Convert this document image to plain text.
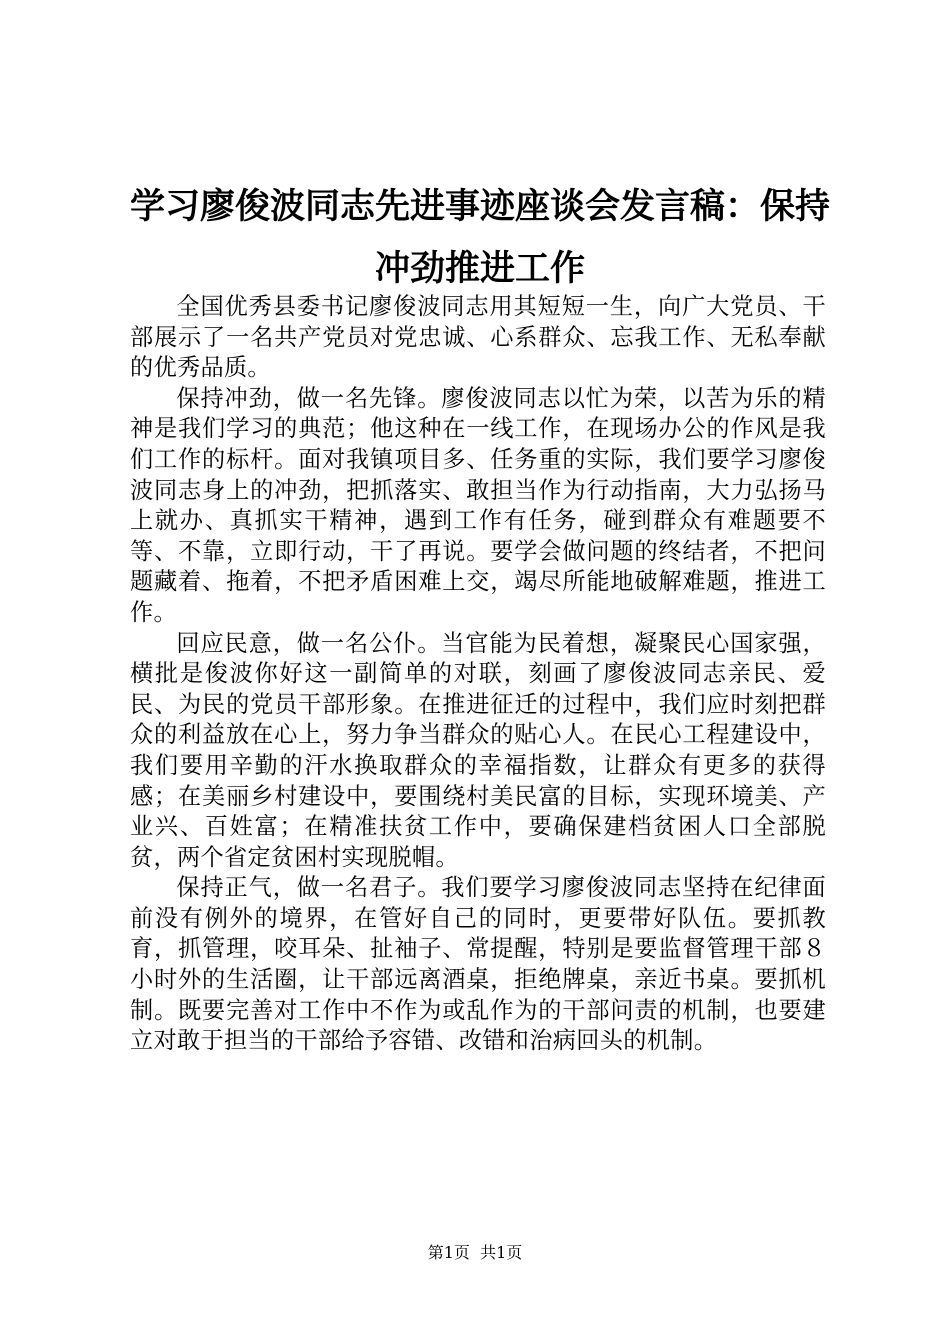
学习廖俊波同志先进事迹座谈会发言稿：保持
冲劲推进工作

全国优秀县委书记廖俊波同志用其短短一生，向广大党员、干部展示了一名共产党员对党忠诚、心系群众、忘我工作、无私奉献的优秀品质。

保持冲劲，做一名先锋。廖俊波同志以忙为荣，以苦为乐的精神是我们学习的典范；他这种在一线工作，在现场办公的作风是我们工作的标杆。面对我镇项目多、任务重的实际，我们要学习廖俊波同志身上的冲劲，把抓落实、敢担当作为行动指南，大力弘扬马上就办、真抓实干精神，遇到工作有任务，碰到群众有难题要不等、不靠，立即行动，干了再说。要学会做问题的终结者，不把问题藏着、拖着，不把矛盾困难上交，竭尽所能地破解难题，推进工作。

回应民意，做一名公仆。当官能为民着想，凝聚民心国家强，横批是俊波你好这一副简单的对联，刻画了廖俊波同志亲民、爱民、为民的党员干部形象。在推进征迁的过程中，我们应时刻把群众的利益放在心上，努力争当群众的贴心人。在民心工程建设中，我们要用辛勤的汗水换取群众的幸福指数，让群众有更多的获得感；在美丽乡村建设中，要围绕村美民富的目标，实现环境美、产业兴、百姓富；在精准扶贫工作中，要确保建档贫困人口全部脱贫，两个省定贫困村实现脱帽。

保持正气，做一名君子。我们要学习廖俊波同志坚持在纪律面前没有例外的境界，在管好自己的同时，更要带好队伍。要抓教育，抓管理，咬耳朵、扯袖子、常提醒，特别是要监督管理干部８小时外的生活圈，让干部远离酒桌，拒绝牌桌，亲近书桌。要抓机制。既要完善对工作中不作为或乱作为的干部问责的机制，也要建立对敢于担当的干部给予容错、改错和治病回头的机制。

第1页 共1页
